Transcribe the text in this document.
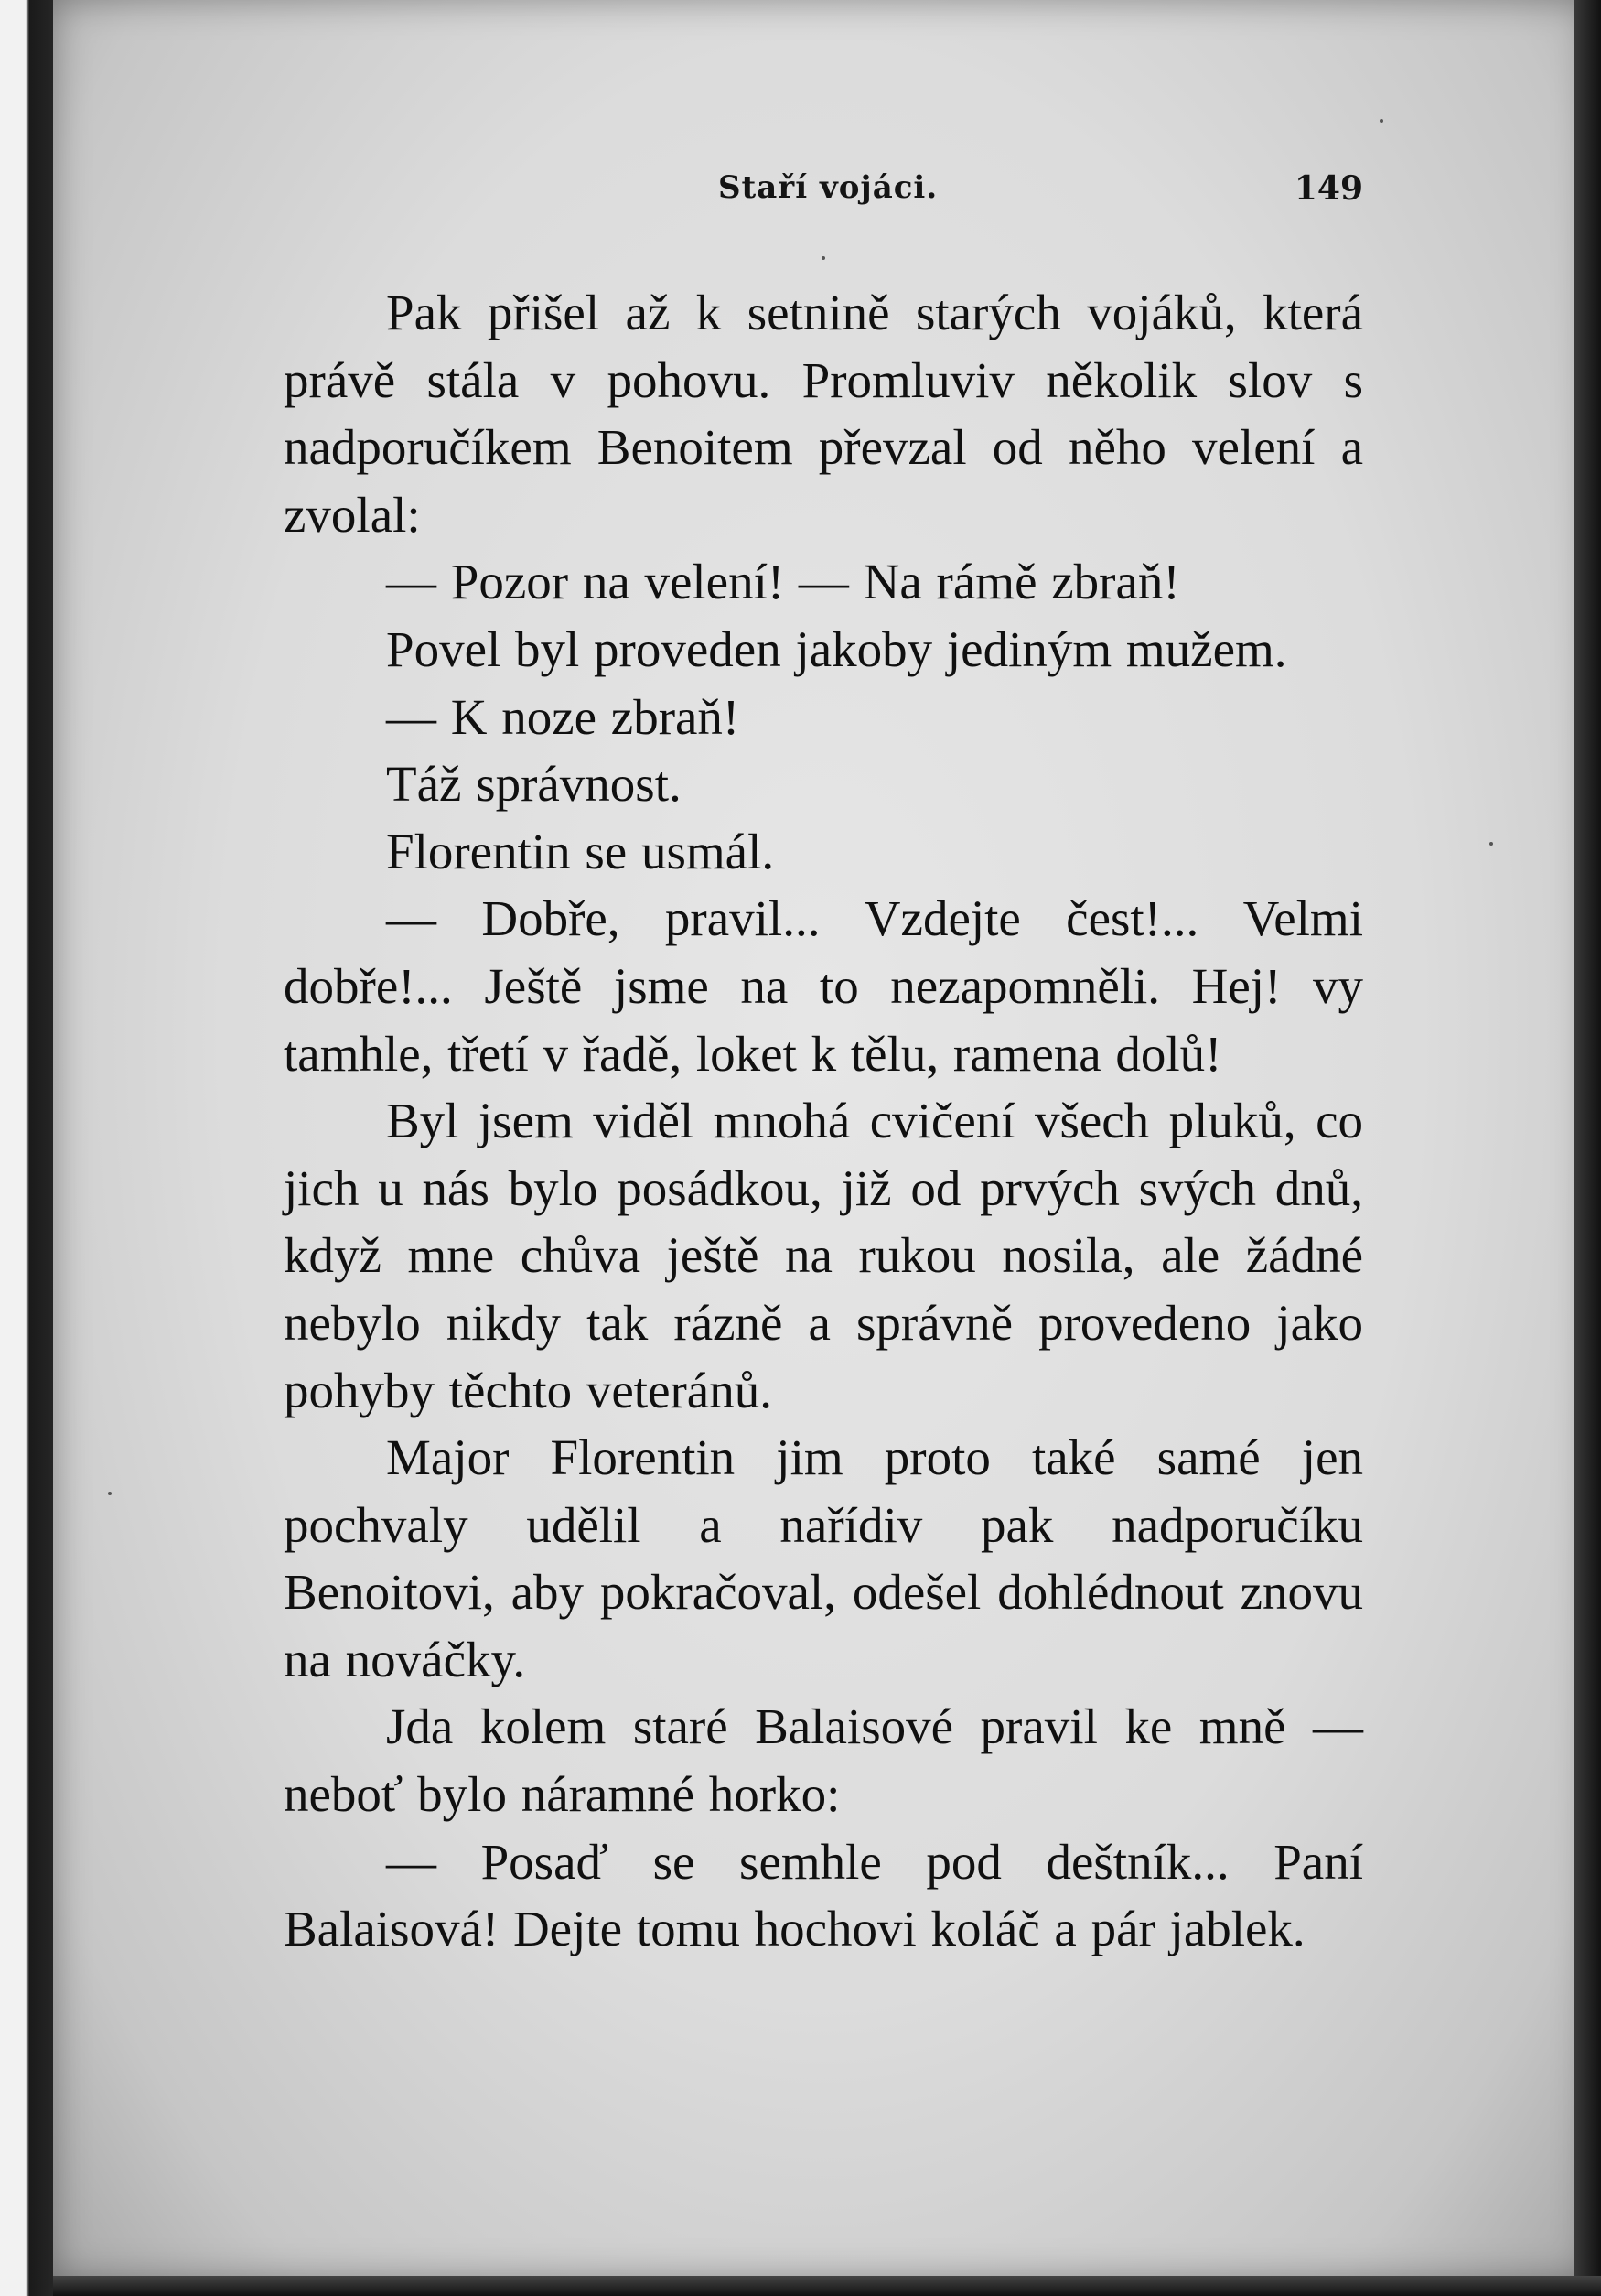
Staří vojáci.	149

Pak přišel až k setnině starých vojáků, která právě stála v pohovu. Promluviv několik slov s nadporučíkem Benoitem převzal od něho velení a zvolal:

— Pozor na velení! — Na rámě zbraň!

Povel byl proveden jakoby jediným mužem.

— K noze zbraň!

Táž správnost.

Florentin se usmál.

— Dobře, pravil... Vzdejte čest!... Velmi dobře!... Ještě jsme na to nezapomněli. Hej! vy tamhle, třetí v řadě, loket k tělu, ramena dolů!

Byl jsem viděl mnohá cvičení všech pluků, co jich u nás bylo posádkou, již od prvých svých dnů, když mne chůva ještě na rukou nosila, ale žádné nebylo nikdy tak rázně a správně provedeno jako pohyby těchto veteránů.

Major Florentin jim proto také samé jen pochvaly udělil a nařídiv pak nadporučíku Benoitovi, aby pokračoval, odešel dohlédnout znovu na nováčky.

Jda kolem staré Balaisové pravil ke mně — neboť bylo náramné horko:

— Posaď se semhle pod deštník... Paní Balaisová! Dejte tomu hochovi koláč a pár jablek.
